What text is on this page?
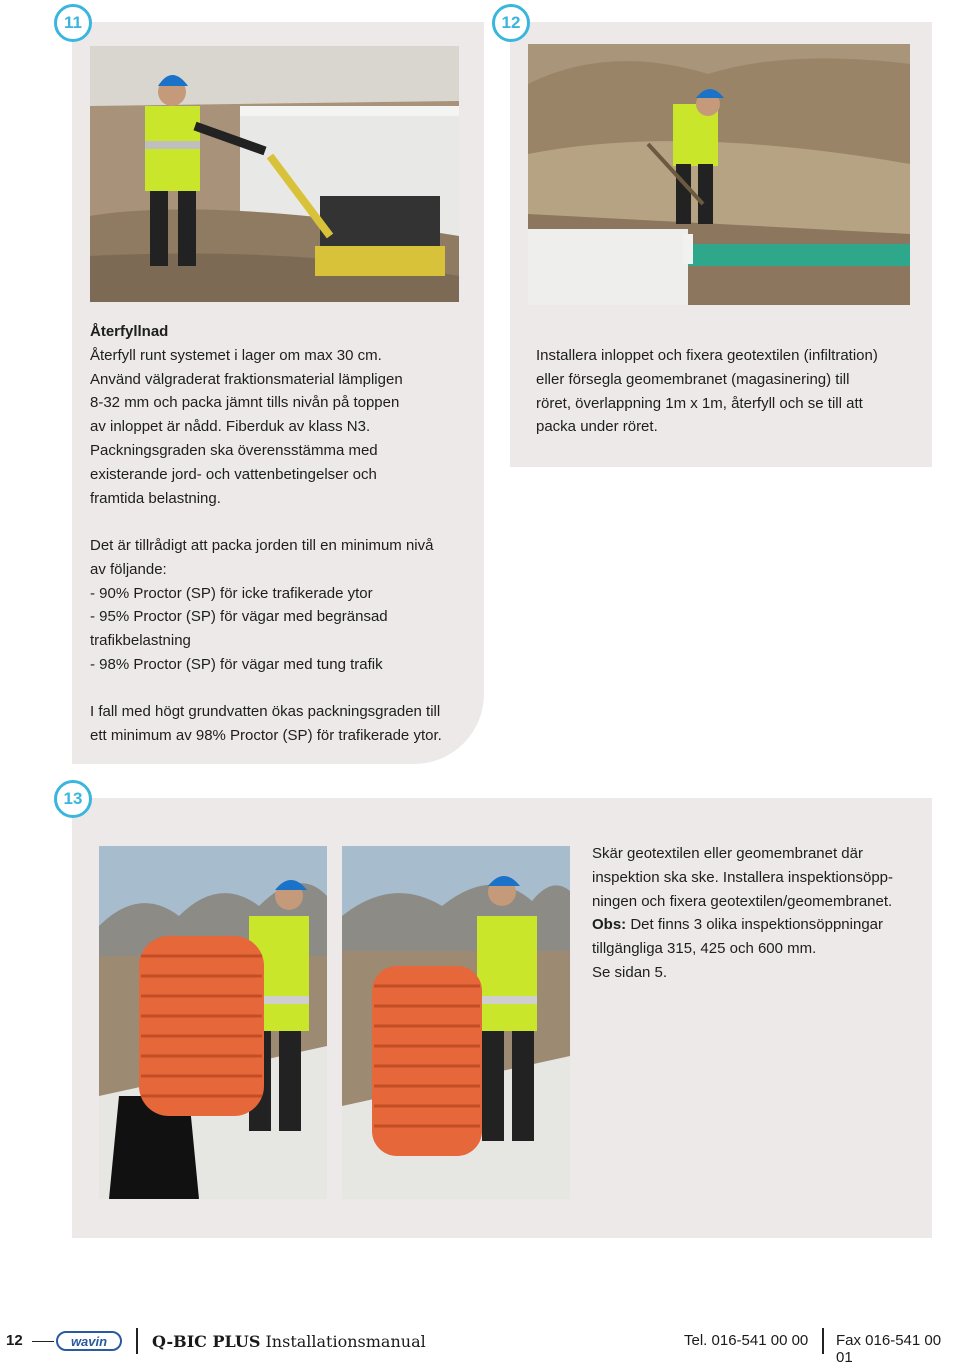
11	12
13

Återfyllnad

Återfyll runt systemet i lager om max 30 cm.

Använd välgraderat fraktionsmaterial lämpligen

8-32 mm och packa jämnt tills nivån på toppen

av inloppet är nådd. Fiberduk av klass N3.

Packningsgraden ska överensstämma med

existerande jord- och vattenbetingelser och

framtida belastning.

Det är tillrådigt att packa jorden till en minimum nivå

av följande:

- 90% Proctor (SP) för icke trafikerade ytor

- 95% Proctor (SP) för vägar med begränsad

trafikbelastning

- 98% Proctor (SP) för vägar med tung trafik

I fall med högt grundvatten ökas packningsgraden till

ett minimum av 98% Proctor (SP) för trafikerade ytor.

Installera inloppet och fixera geotextilen (infiltration)

eller försegla geomembranet (magasinering) till

röret, överlappning 1m x 1m, återfyll och se till att

packa under röret.

Skär geotextilen eller geomembranet där

inspektion ska ske. Installera inspektionsöpp-

ningen och fixera geotextilen/geomembranet.

Obs: Det finns 3 olika inspektionsöppningar

tillgängliga 315, 425 och 600 mm.

Se sidan 5.

12	wavin	Q-BIC PLUS Installationsmanual	Tel. 016-541 00 00 Fax 016-541 00 01
